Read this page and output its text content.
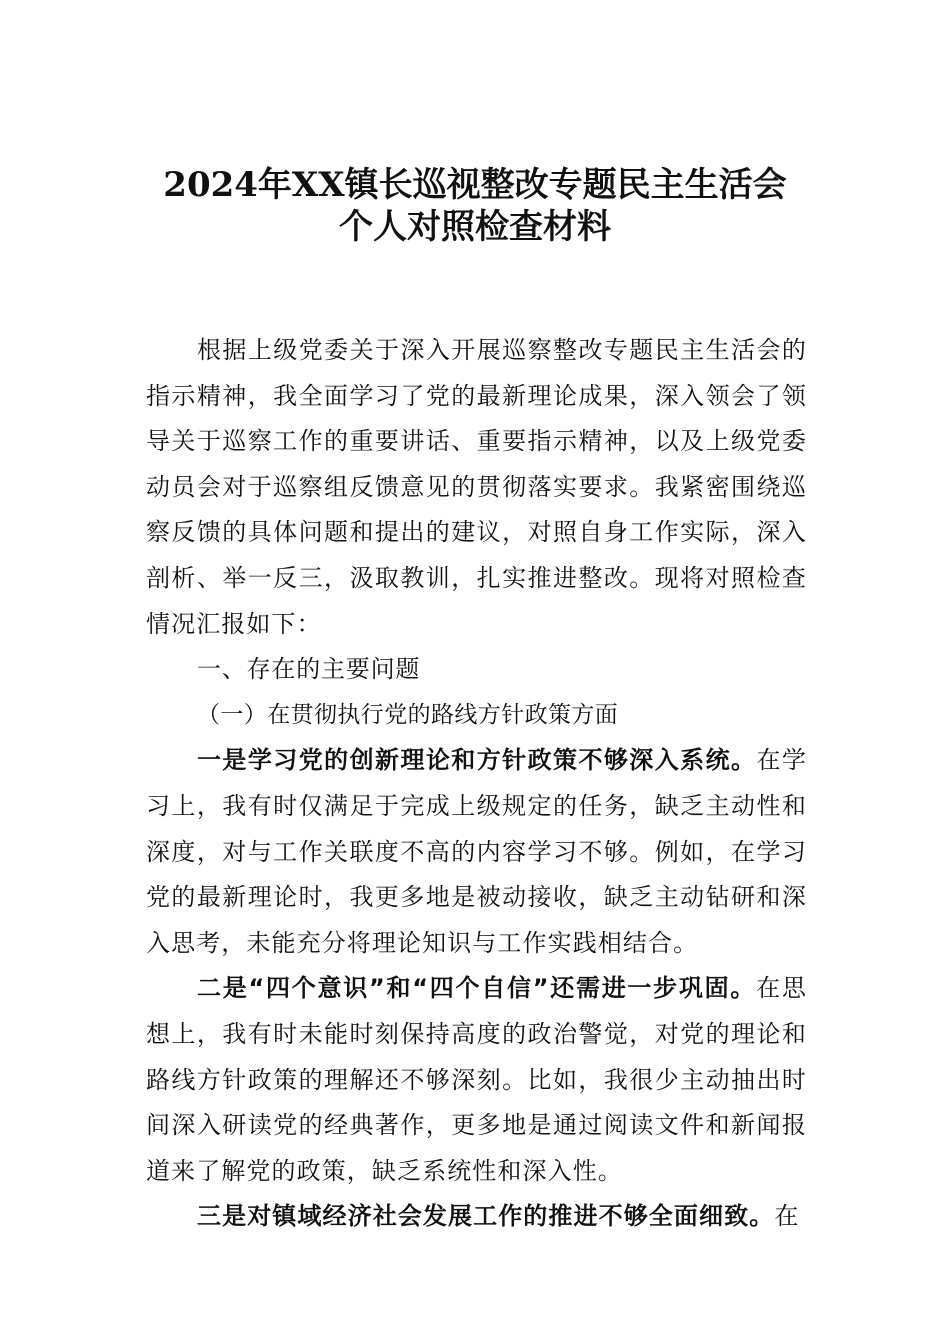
2024年XX镇长巡视整改专题民主生活会
个人对照检查材料

根据上级党委关于深入开展巡察整改专题民主生活会的指示精神，我全面学习了党的最新理论成果，深入领会了领导关于巡察工作的重要讲话、重要指示精神，以及上级党委动员会对于巡察组反馈意见的贯彻落实要求。我紧密围绕巡察反馈的具体问题和提出的建议，对照自身工作实际，深入剖析、举一反三，汲取教训，扎实推进整改。现将对照检查情况汇报如下：

一、存在的主要问题

（一）在贯彻执行党的路线方针政策方面

一是学习党的创新理论和方针政策不够深入系统。在学习上，我有时仅满足于完成上级规定的任务，缺乏主动性和深度，对与工作关联度不高的内容学习不够。例如，在学习党的最新理论时，我更多地是被动接收，缺乏主动钻研和深入思考，未能充分将理论知识与工作实践相结合。

二是“四个意识”和“四个自信”还需进一步巩固。在思想上，我有时未能时刻保持高度的政治警觉，对党的理论和路线方针政策的理解还不够深刻。比如，我很少主动抽出时间深入研读党的经典著作，更多地是通过阅读文件和新闻报道来了解党的政策，缺乏系统性和深入性。

三是对镇域经济社会发展工作的推进不够全面细致。在
